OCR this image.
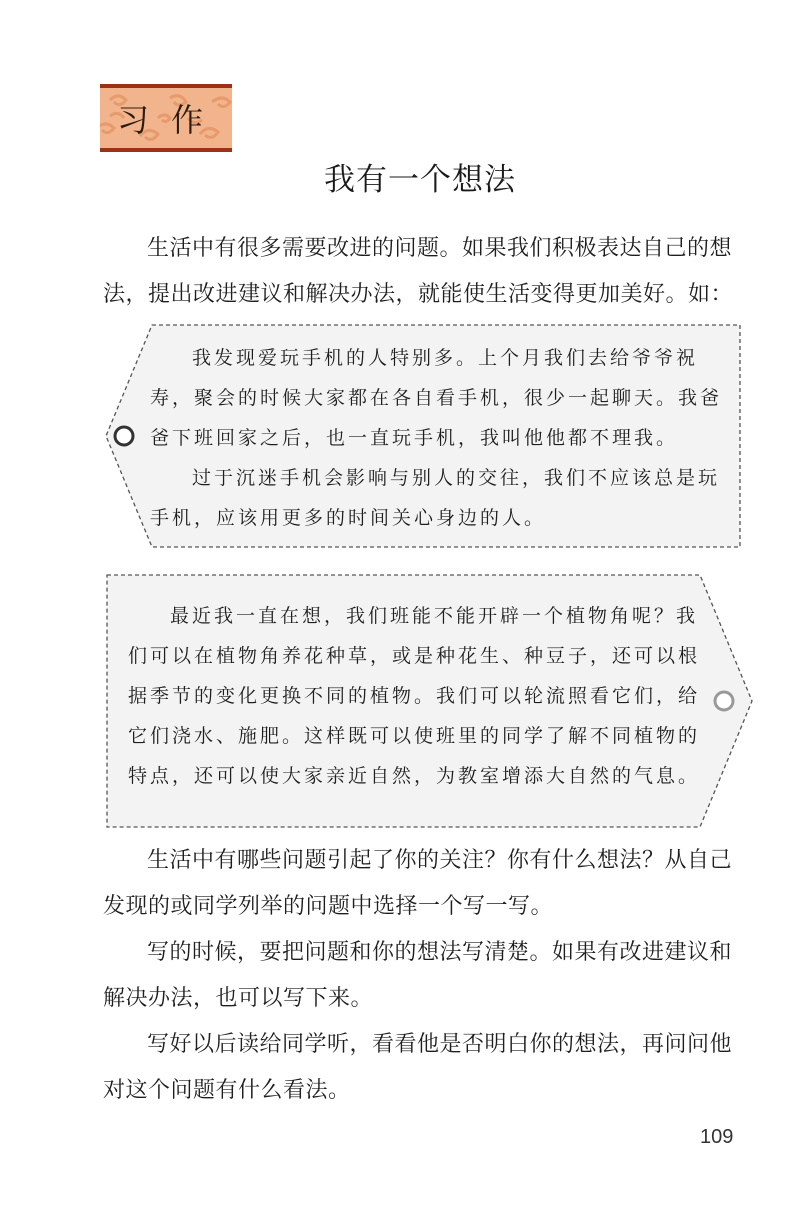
习作
我有一个想法

生活中有很多需要改进的问题。如果我们积极表达自己的想法，提出改进建议和解决办法，就能使生活变得更加美好。如：

我发现爱玩手机的人特别多。上个月我们去给爷爷祝寿，聚会的时候大家都在各自看手机，很少一起聊天。我爸爸下班回家之后，也一直玩手机，我叫他他都不理我。

过于沉迷手机会影响与别人的交往，我们不应该总是玩手机，应该用更多的时间关心身边的人。

最近我一直在想，我们班能不能开辟一个植物角呢？我们可以在植物角养花种草，或是种花生、种豆子，还可以根据季节的变化更换不同的植物。我们可以轮流照看它们，给它们浇水、施肥。这样既可以使班里的同学了解不同植物的特点，还可以使大家亲近自然，为教室增添大自然的气息。

生活中有哪些问题引起了你的关注？你有什么想法？从自己发现的或同学列举的问题中选择一个写一写。

写的时候，要把问题和你的想法写清楚。如果有改进建议和解决办法，也可以写下来。

写好以后读给同学听，看看他是否明白你的想法，再问问他对这个问题有什么看法。

109
